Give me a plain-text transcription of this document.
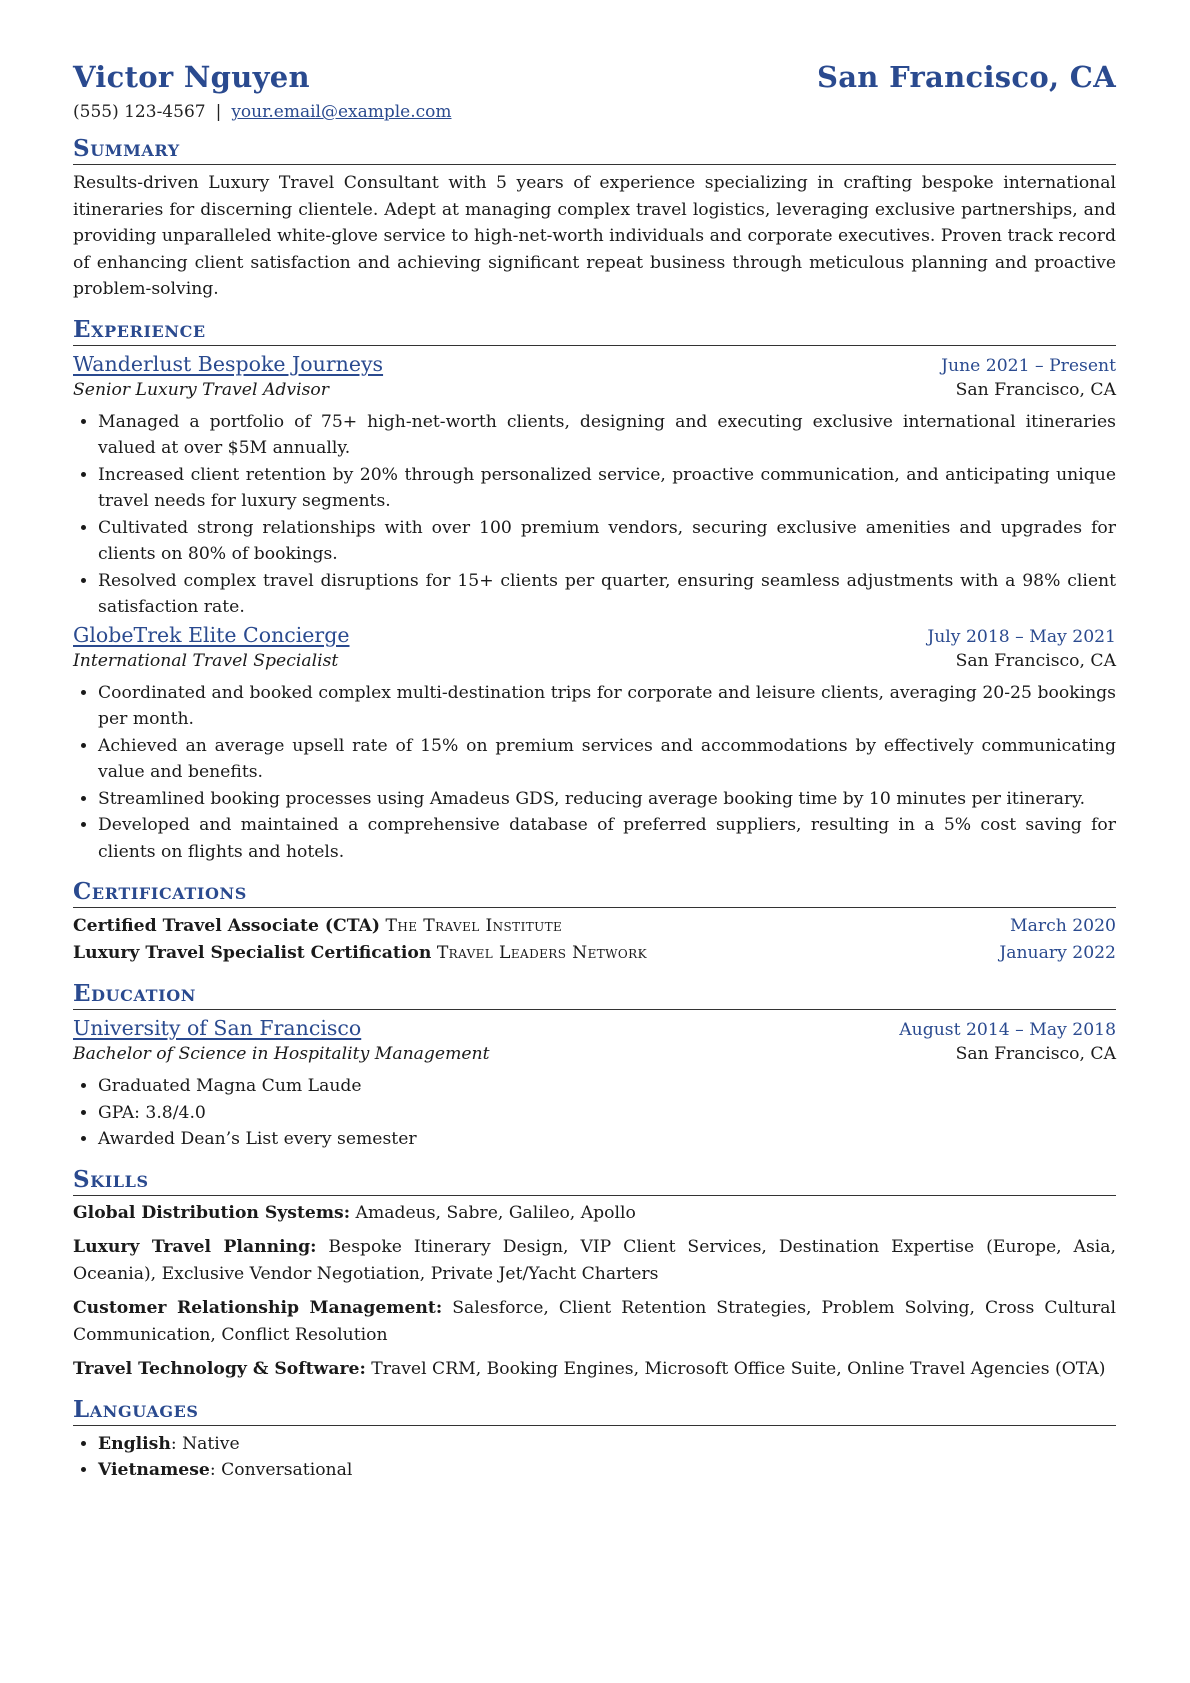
Victor Nguyen	San Francisco, CA
(555) 123-4567 | your.email@example.com
Summary
Results-driven Luxury Travel Consultant with 5 years of experience specializing in crafting bespoke international itineraries for discerning clientele. Adept at managing complex travel logistics, leveraging exclusive partnerships, and providing unparalleled white-glove service to high-net-worth individuals and corporate executives. Proven track record of enhancing client satisfaction and achieving significant repeat business through meticulous planning and proactive problem-solving.
Experience
Wanderlust Bespoke Journeys	June 2021 – Present
Senior Luxury Travel Advisor	San Francisco, CA
• Managed a portfolio of 75+ high-net-worth clients, designing and executing exclusive international itineraries valued at over $5M annually.
• Increased client retention by 20% through personalized service, proactive communication, and anticipating unique travel needs for luxury segments.
• Cultivated strong relationships with over 100 premium vendors, securing exclusive amenities and upgrades for clients on 80% of bookings.
• Resolved complex travel disruptions for 15+ clients per quarter, ensuring seamless adjustments with a 98% client satisfaction rate.
GlobeTrek Elite Concierge	July 2018 – May 2021
International Travel Specialist	San Francisco, CA
• Coordinated and booked complex multi-destination trips for corporate and leisure clients, averaging 20-25 bookings per month.
• Achieved an average upsell rate of 15% on premium services and accommodations by effectively communicating value and benefits.
• Streamlined booking processes using Amadeus GDS, reducing average booking time by 10 minutes per itinerary.
• Developed and maintained a comprehensive database of preferred suppliers, resulting in a 5% cost saving for clients on flights and hotels.
Certifications
Certified Travel Associate (CTA) The Travel Institute	March 2020
Luxury Travel Specialist Certification Travel Leaders Network	January 2022
Education
University of San Francisco	August 2014 – May 2018
Bachelor of Science in Hospitality Management	San Francisco, CA
• Graduated Magna Cum Laude
• GPA: 3.8/4.0
• Awarded Dean’s List every semester
Skills
Global Distribution Systems: Amadeus, Sabre, Galileo, Apollo
Luxury Travel Planning: Bespoke Itinerary Design, VIP Client Services, Destination Expertise (Europe, Asia, Oceania), Exclusive Vendor Negotiation, Private Jet/Yacht Charters
Customer Relationship Management: Salesforce, Client Retention Strategies, Problem Solving, Cross Cultural Communication, Conflict Resolution
Travel Technology & Software: Travel CRM, Booking Engines, Microsoft Office Suite, Online Travel Agencies (OTA)
Languages
• English: Native
• Vietnamese: Conversational
